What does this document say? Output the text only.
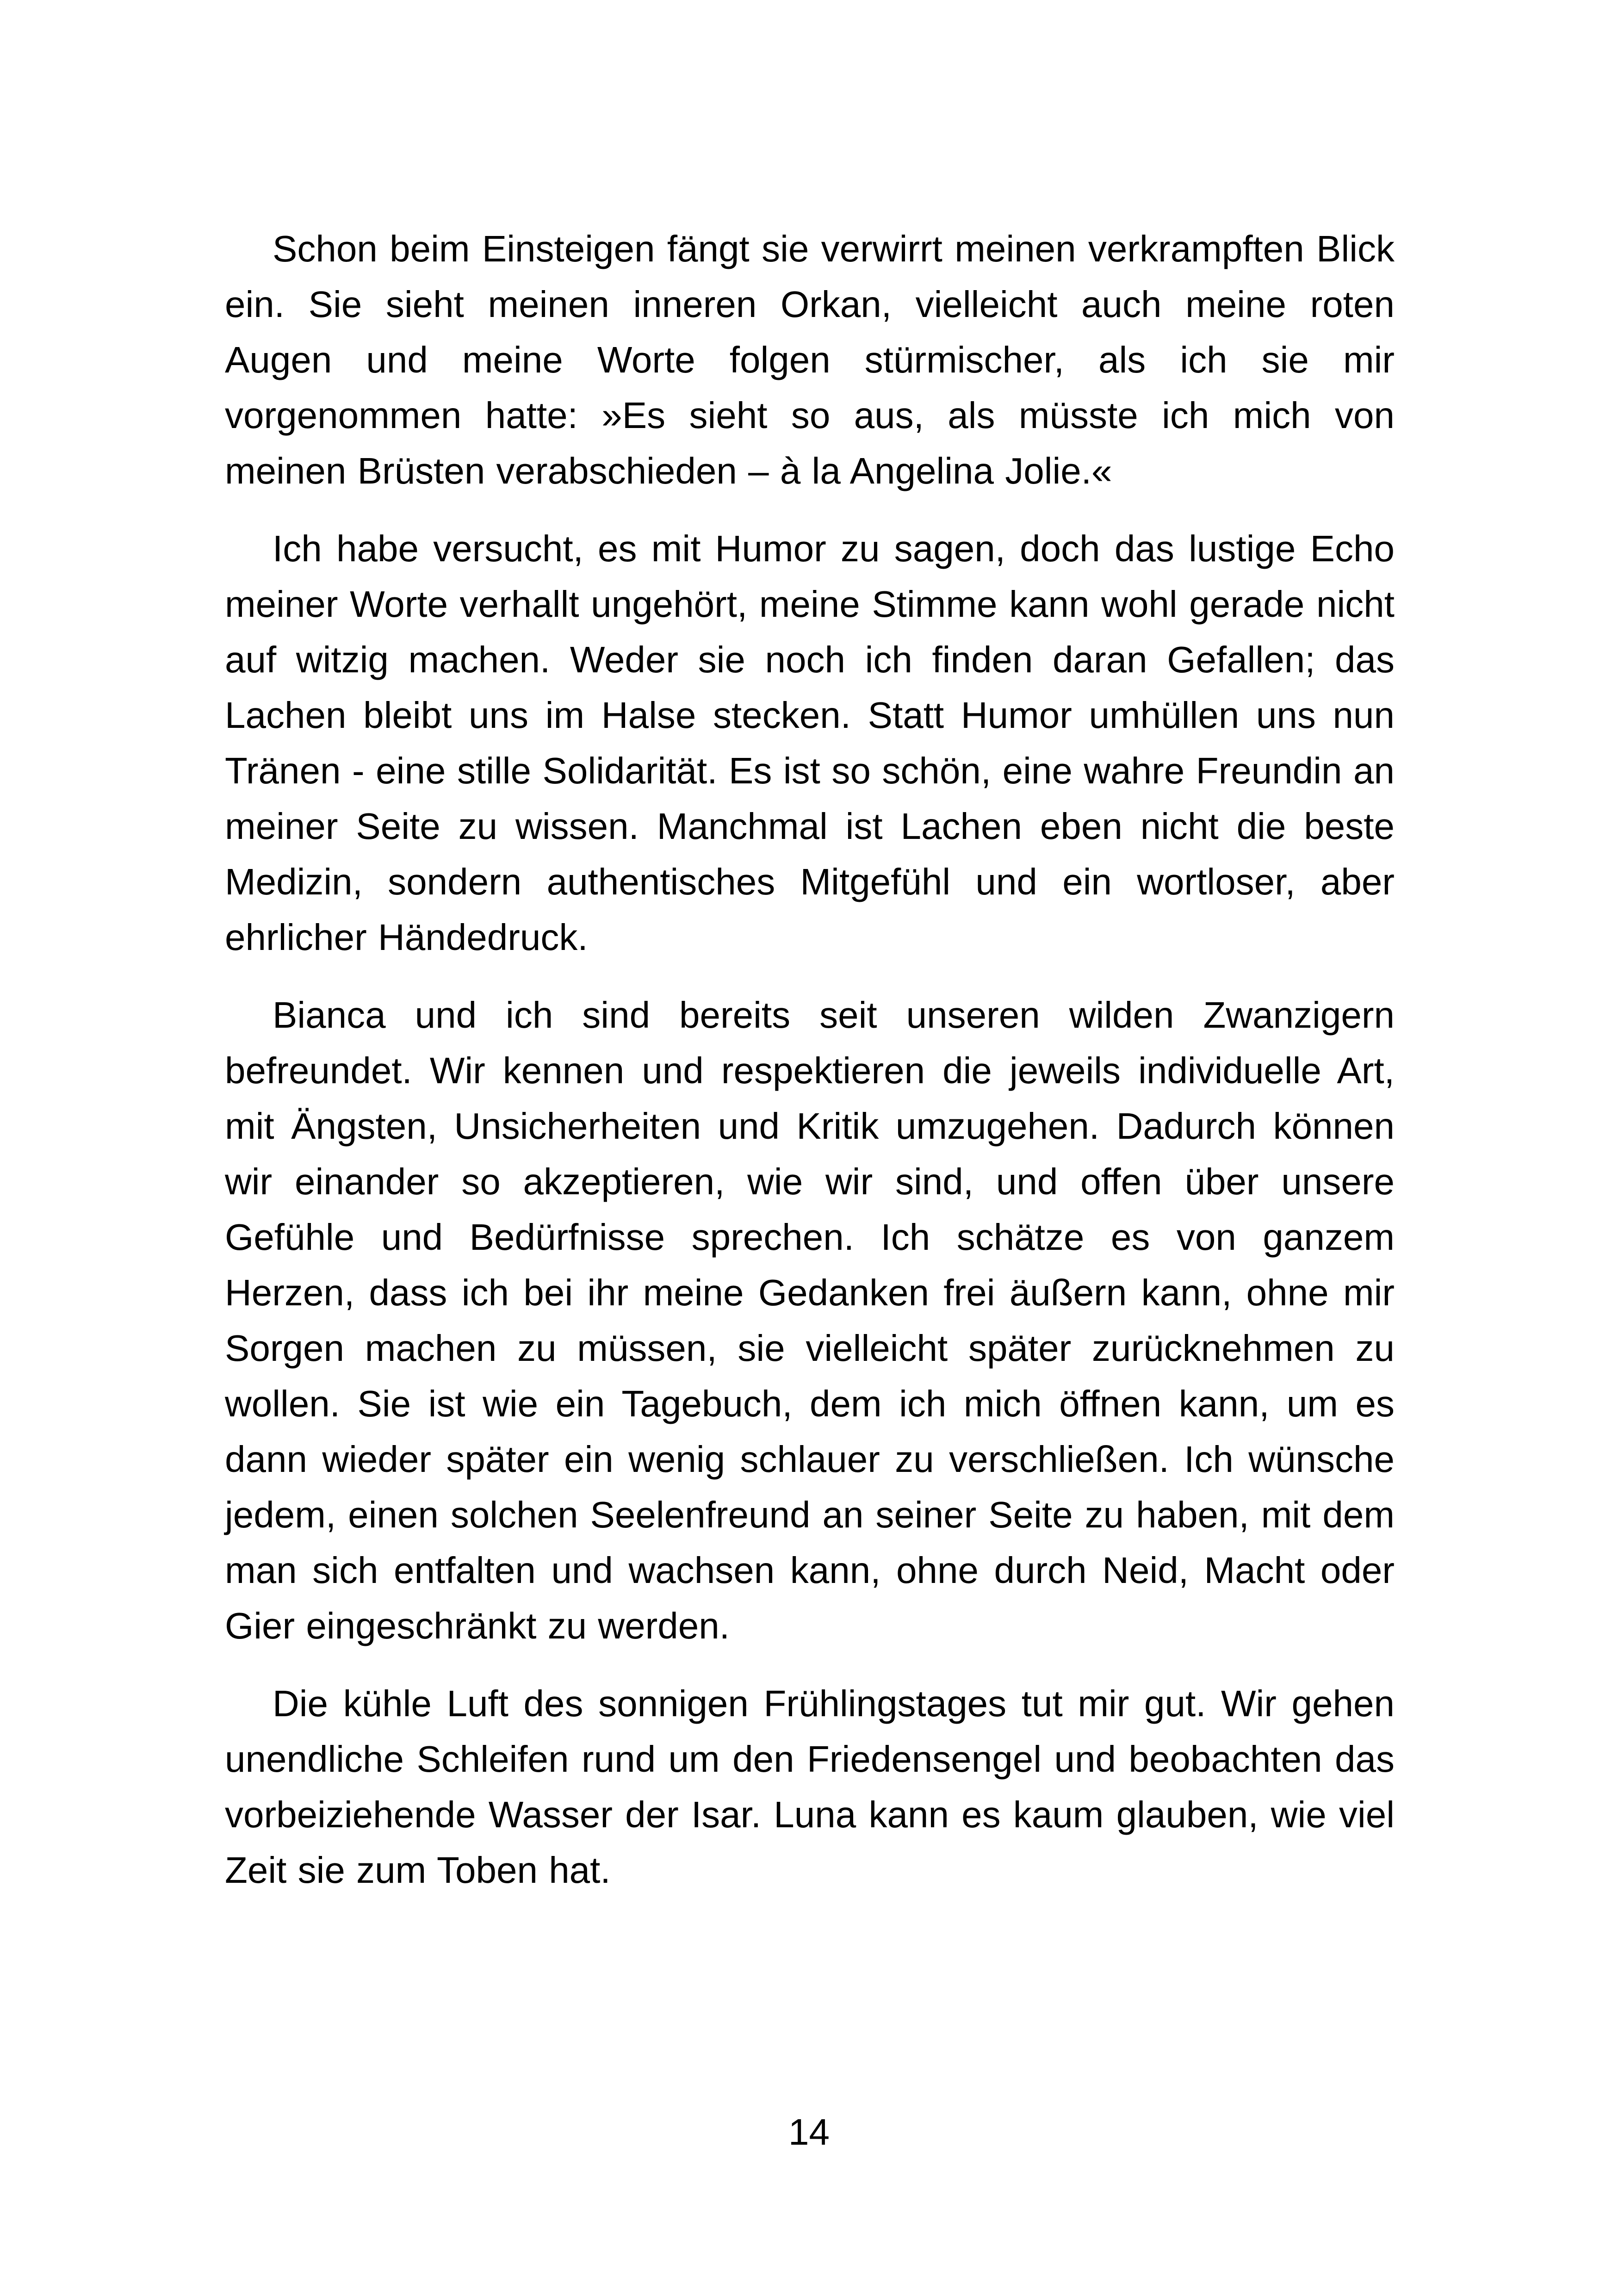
Schon beim Einsteigen fängt sie verwirrt meinen verkrampften Blick ein. Sie sieht meinen inneren Orkan, vielleicht auch meine roten Augen und meine Worte folgen stürmischer, als ich sie mir vorgenommen hatte: »Es sieht so aus, als müsste ich mich von meinen Brüsten verabschieden – à la Angelina Jolie.«

Ich habe versucht, es mit Humor zu sagen, doch das lustige Echo meiner Worte verhallt ungehört, meine Stimme kann wohl gerade nicht auf witzig machen. Weder sie noch ich finden daran Gefallen; das Lachen bleibt uns im Halse stecken. Statt Humor umhüllen uns nun Tränen - eine stille Solidarität. Es ist so schön, eine wahre Freundin an meiner Seite zu wissen. Manchmal ist Lachen eben nicht die beste Medizin, sondern authentisches Mitgefühl und ein wortloser, aber ehrlicher Händedruck.

Bianca und ich sind bereits seit unseren wilden Zwanzigern befreundet. Wir kennen und respektieren die jeweils individuelle Art, mit Ängsten, Unsicherheiten und Kritik umzugehen. Dadurch können wir einander so akzeptieren, wie wir sind, und offen über unsere Gefühle und Bedürfnisse sprechen. Ich schätze es von ganzem Herzen, dass ich bei ihr meine Gedanken frei äußern kann, ohne mir Sorgen machen zu müssen, sie vielleicht später zurücknehmen zu wollen. Sie ist wie ein Tagebuch, dem ich mich öffnen kann, um es dann wieder später ein wenig schlauer zu verschließen. Ich wünsche jedem, einen solchen Seelenfreund an seiner Seite zu haben, mit dem man sich entfalten und wachsen kann, ohne durch Neid, Macht oder Gier eingeschränkt zu werden.

Die kühle Luft des sonnigen Frühlingstages tut mir gut. Wir gehen unendliche Schleifen rund um den Friedensengel und beobachten das vorbeiziehende Wasser der Isar. Luna kann es kaum glauben, wie viel Zeit sie zum Toben hat.

14
